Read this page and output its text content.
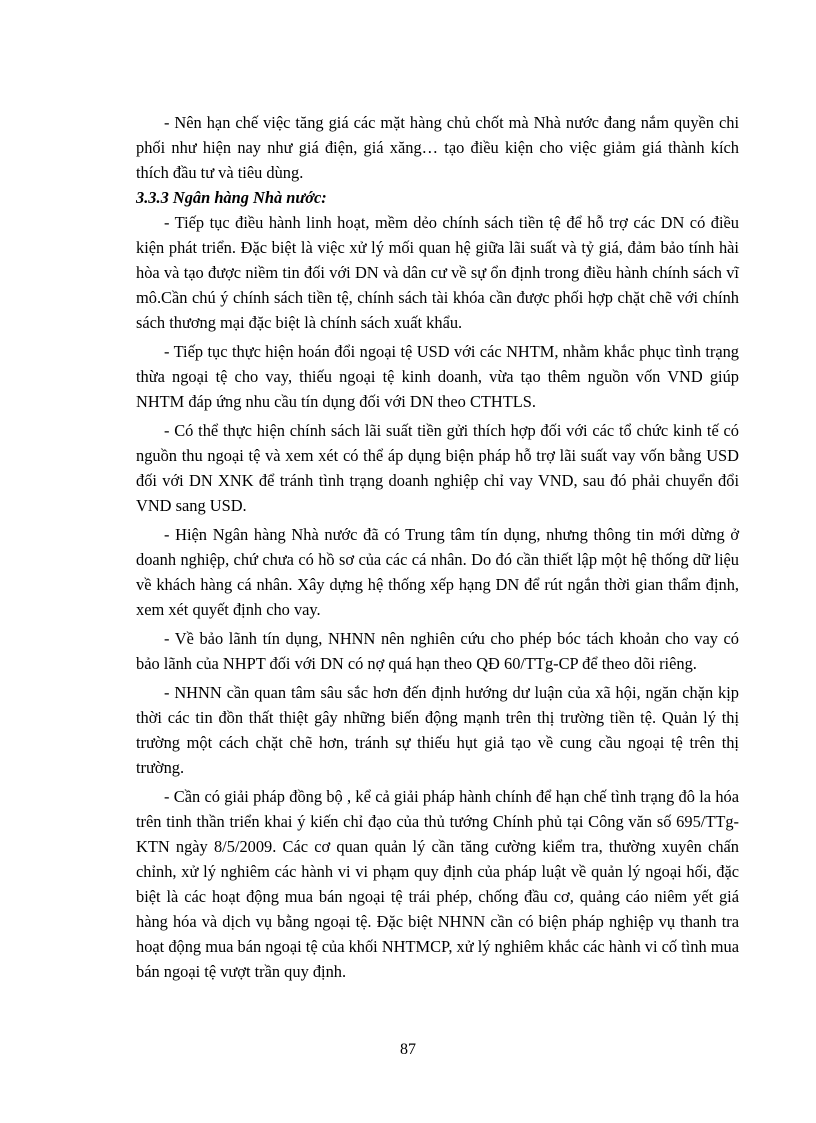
- Nên hạn chế việc tăng giá các mặt hàng chủ chốt mà Nhà nước đang nắm quyền chi phối như hiện nay như giá điện, giá xăng… tạo điều kiện cho việc giảm giá thành kích thích đầu tư và tiêu dùng.

3.3.3 Ngân hàng Nhà nước:

- Tiếp tục điều hành linh hoạt, mềm dẻo chính sách tiền tệ để hỗ trợ các DN có điều kiện phát triển. Đặc biệt là việc xử lý mối quan hệ giữa lãi suất và tỷ giá, đảm bảo tính hài hòa và tạo được niềm tin đối với DN và dân cư về sự ổn định trong điều hành chính sách vĩ mô.Cần chú ý chính sách tiền tệ, chính sách tài khóa cần được phối hợp chặt chẽ với chính sách thương mại đặc biệt là chính sách xuất khẩu.

- Tiếp tục thực hiện hoán đổi ngoại tệ USD với các NHTM, nhằm khắc phục tình trạng thừa ngoại tệ cho vay, thiếu ngoại tệ kinh doanh, vừa tạo thêm nguồn vốn VND giúp NHTM đáp ứng nhu cầu tín dụng đối với DN theo CTHTLS.

- Có thể thực hiện chính sách lãi suất tiền gửi thích hợp đối với các tổ chức kinh tế có nguồn thu ngoại tệ và xem xét có thể áp dụng biện pháp hỗ trợ lãi suất vay vốn bằng USD đối với DN XNK để tránh tình trạng doanh nghiệp chỉ vay VND, sau đó phải chuyển đổi VND sang USD.

- Hiện Ngân hàng Nhà nước đã có Trung tâm tín dụng, nhưng thông tin mới dừng ở doanh nghiệp, chứ chưa có hồ sơ của các cá nhân. Do đó cần thiết lập một hệ thống dữ liệu về khách hàng cá nhân. Xây dựng hệ thống xếp hạng DN để rút ngắn thời gian thẩm định, xem xét quyết định cho vay.

- Về bảo lãnh tín dụng, NHNN nên nghiên cứu cho phép bóc tách khoản cho vay có bảo lãnh của NHPT đối với DN có nợ quá hạn theo QĐ 60/TTg-CP để theo dõi riêng.

- NHNN cần quan tâm sâu sắc hơn đến định hướng dư luận của xã hội, ngăn chặn kịp thời các tin đồn thất thiệt gây những biến động mạnh trên thị trường tiền tệ. Quản lý thị trường một cách chặt chẽ hơn, tránh sự thiếu hụt giả tạo về cung cầu ngoại tệ trên thị trường.

- Cần có giải pháp đồng bộ , kể cả giải pháp hành chính để hạn chế tình trạng đô la hóa trên tinh thần triển khai ý kiến chỉ đạo của thủ tướng Chính phủ tại Công văn số 695/TTg-KTN ngày 8/5/2009. Các cơ quan quản lý cần tăng cường kiểm tra, thường xuyên chấn chỉnh, xử lý nghiêm các hành vi vi phạm quy định của pháp luật về quản lý ngoại hối, đặc biệt là các hoạt động mua bán ngoại tệ trái phép, chống đầu cơ, quảng cáo niêm yết giá hàng hóa và dịch vụ bằng ngoại tệ. Đặc biệt NHNN cần có biện pháp nghiệp vụ thanh tra hoạt động mua bán ngoại tệ của khối NHTMCP, xử lý nghiêm khắc các hành vi cố tình mua bán ngoại tệ vượt trần quy định.

87
